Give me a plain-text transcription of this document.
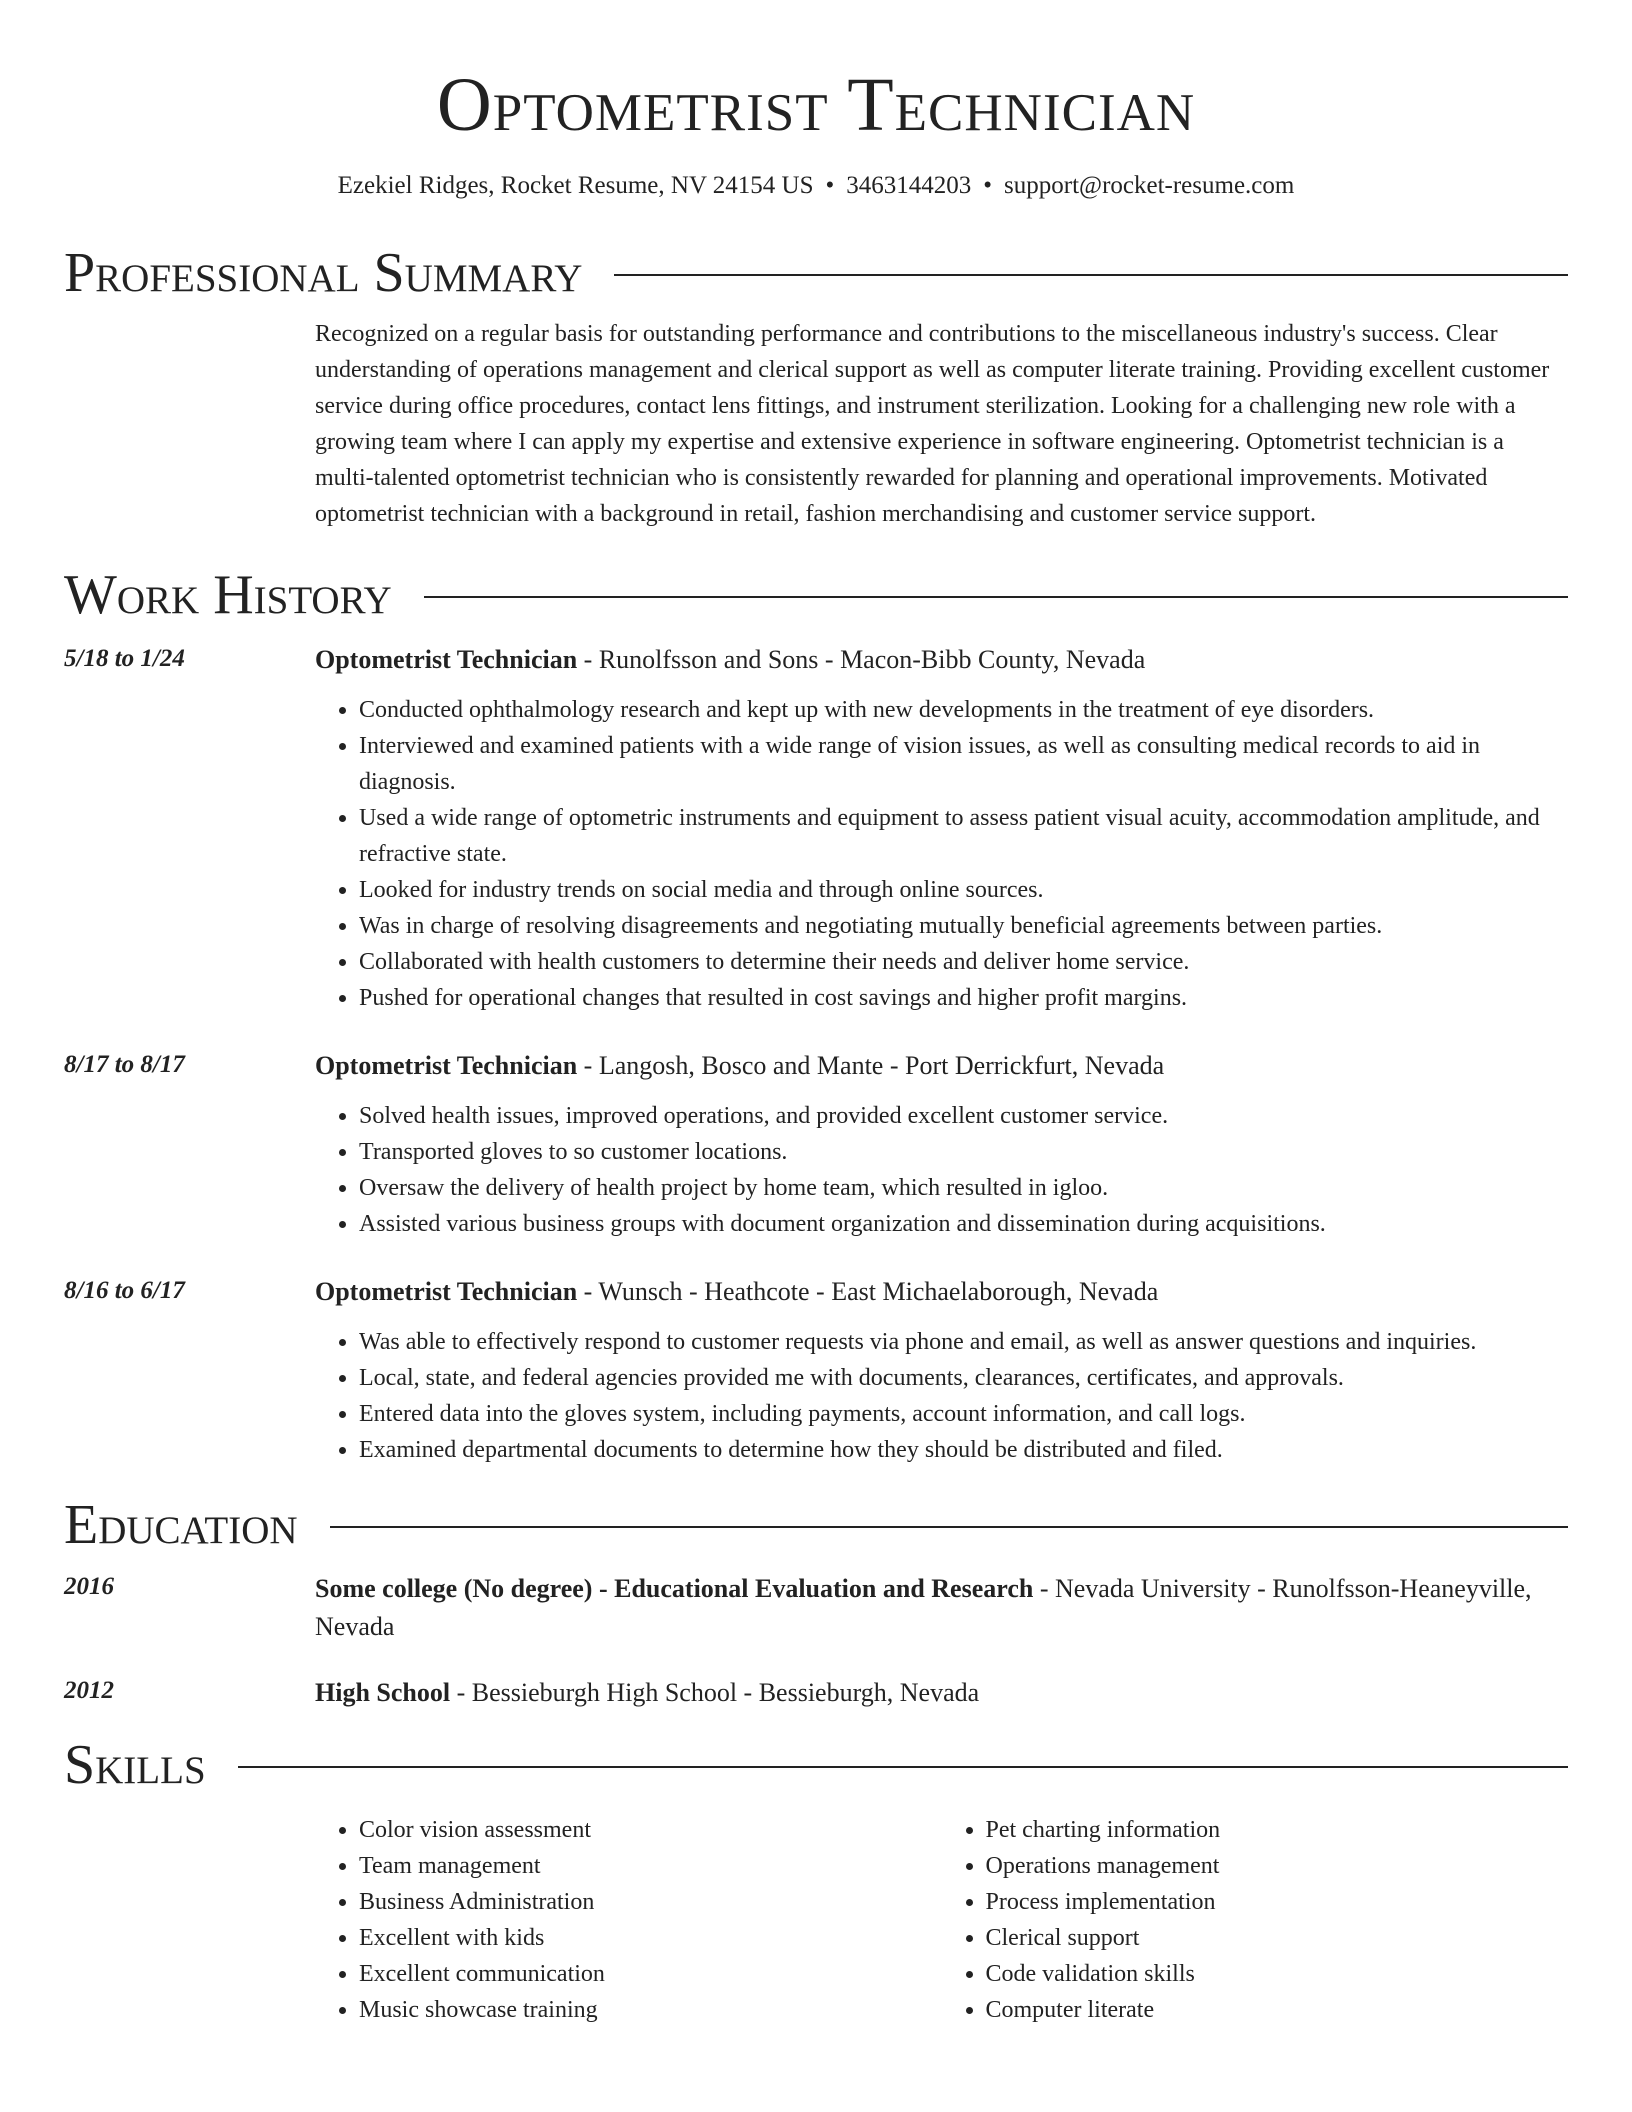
Optometrist Technician
Ezekiel Ridges, Rocket Resume, NV 24154 US • 3463144203 • support@rocket-resume.com
Professional Summary
Recognized on a regular basis for outstanding performance and contributions to the miscellaneous industry's success. Clear understanding of operations management and clerical support as well as computer literate training. Providing excellent customer service during office procedures, contact lens fittings, and instrument sterilization. Looking for a challenging new role with a growing team where I can apply my expertise and extensive experience in software engineering. Optometrist technician is a multi-talented optometrist technician who is consistently rewarded for planning and operational improvements. Motivated optometrist technician with a background in retail, fashion merchandising and customer service support.
Work History
5/18 to 1/24	Optometrist Technician - Runolfsson and Sons - Macon-Bibb County, Nevada
• Conducted ophthalmology research and kept up with new developments in the treatment of eye disorders.
• Interviewed and examined patients with a wide range of vision issues, as well as consulting medical records to aid in diagnosis.
• Used a wide range of optometric instruments and equipment to assess patient visual acuity, accommodation amplitude, and refractive state.
• Looked for industry trends on social media and through online sources.
• Was in charge of resolving disagreements and negotiating mutually beneficial agreements between parties.
• Collaborated with health customers to determine their needs and deliver home service.
• Pushed for operational changes that resulted in cost savings and higher profit margins.
8/17 to 8/17	Optometrist Technician - Langosh, Bosco and Mante - Port Derrickfurt, Nevada
• Solved health issues, improved operations, and provided excellent customer service.
• Transported gloves to so customer locations.
• Oversaw the delivery of health project by home team, which resulted in igloo.
• Assisted various business groups with document organization and dissemination during acquisitions.
8/16 to 6/17	Optometrist Technician - Wunsch - Heathcote - East Michaelaborough, Nevada
• Was able to effectively respond to customer requests via phone and email, as well as answer questions and inquiries.
• Local, state, and federal agencies provided me with documents, clearances, certificates, and approvals.
• Entered data into the gloves system, including payments, account information, and call logs.
• Examined departmental documents to determine how they should be distributed and filed.
Education
2016	Some college (No degree) - Educational Evaluation and Research - Nevada University - Runolfsson-Heaneyville, Nevada
2012	High School - Bessieburgh High School - Bessieburgh, Nevada
Skills
• Color vision assessment
• Team management
• Business Administration
• Excellent with kids
• Excellent communication
• Music showcase training
• Pet charting information
• Operations management
• Process implementation
• Clerical support
• Code validation skills
• Computer literate
